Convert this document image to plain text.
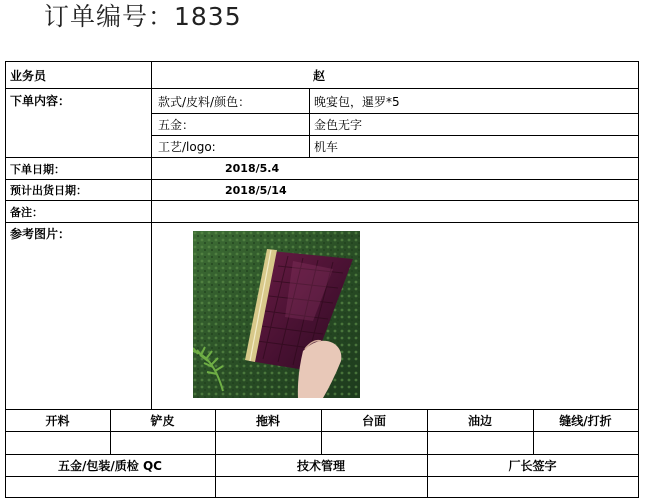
订单编号：1835
业务员	赵
下单内容：	款式/皮料/颜色：	晚宴包，暹罗*5
五金：	金色无字
工艺/logo:	机车
下单日期：	2018/5.4
预计出货日期：	2018/5/14
备注：
参考图片：
开料	铲皮	拖料	台面	油边	缝线/打折
五金/包装/质检 QC	技术管理	厂长签字
